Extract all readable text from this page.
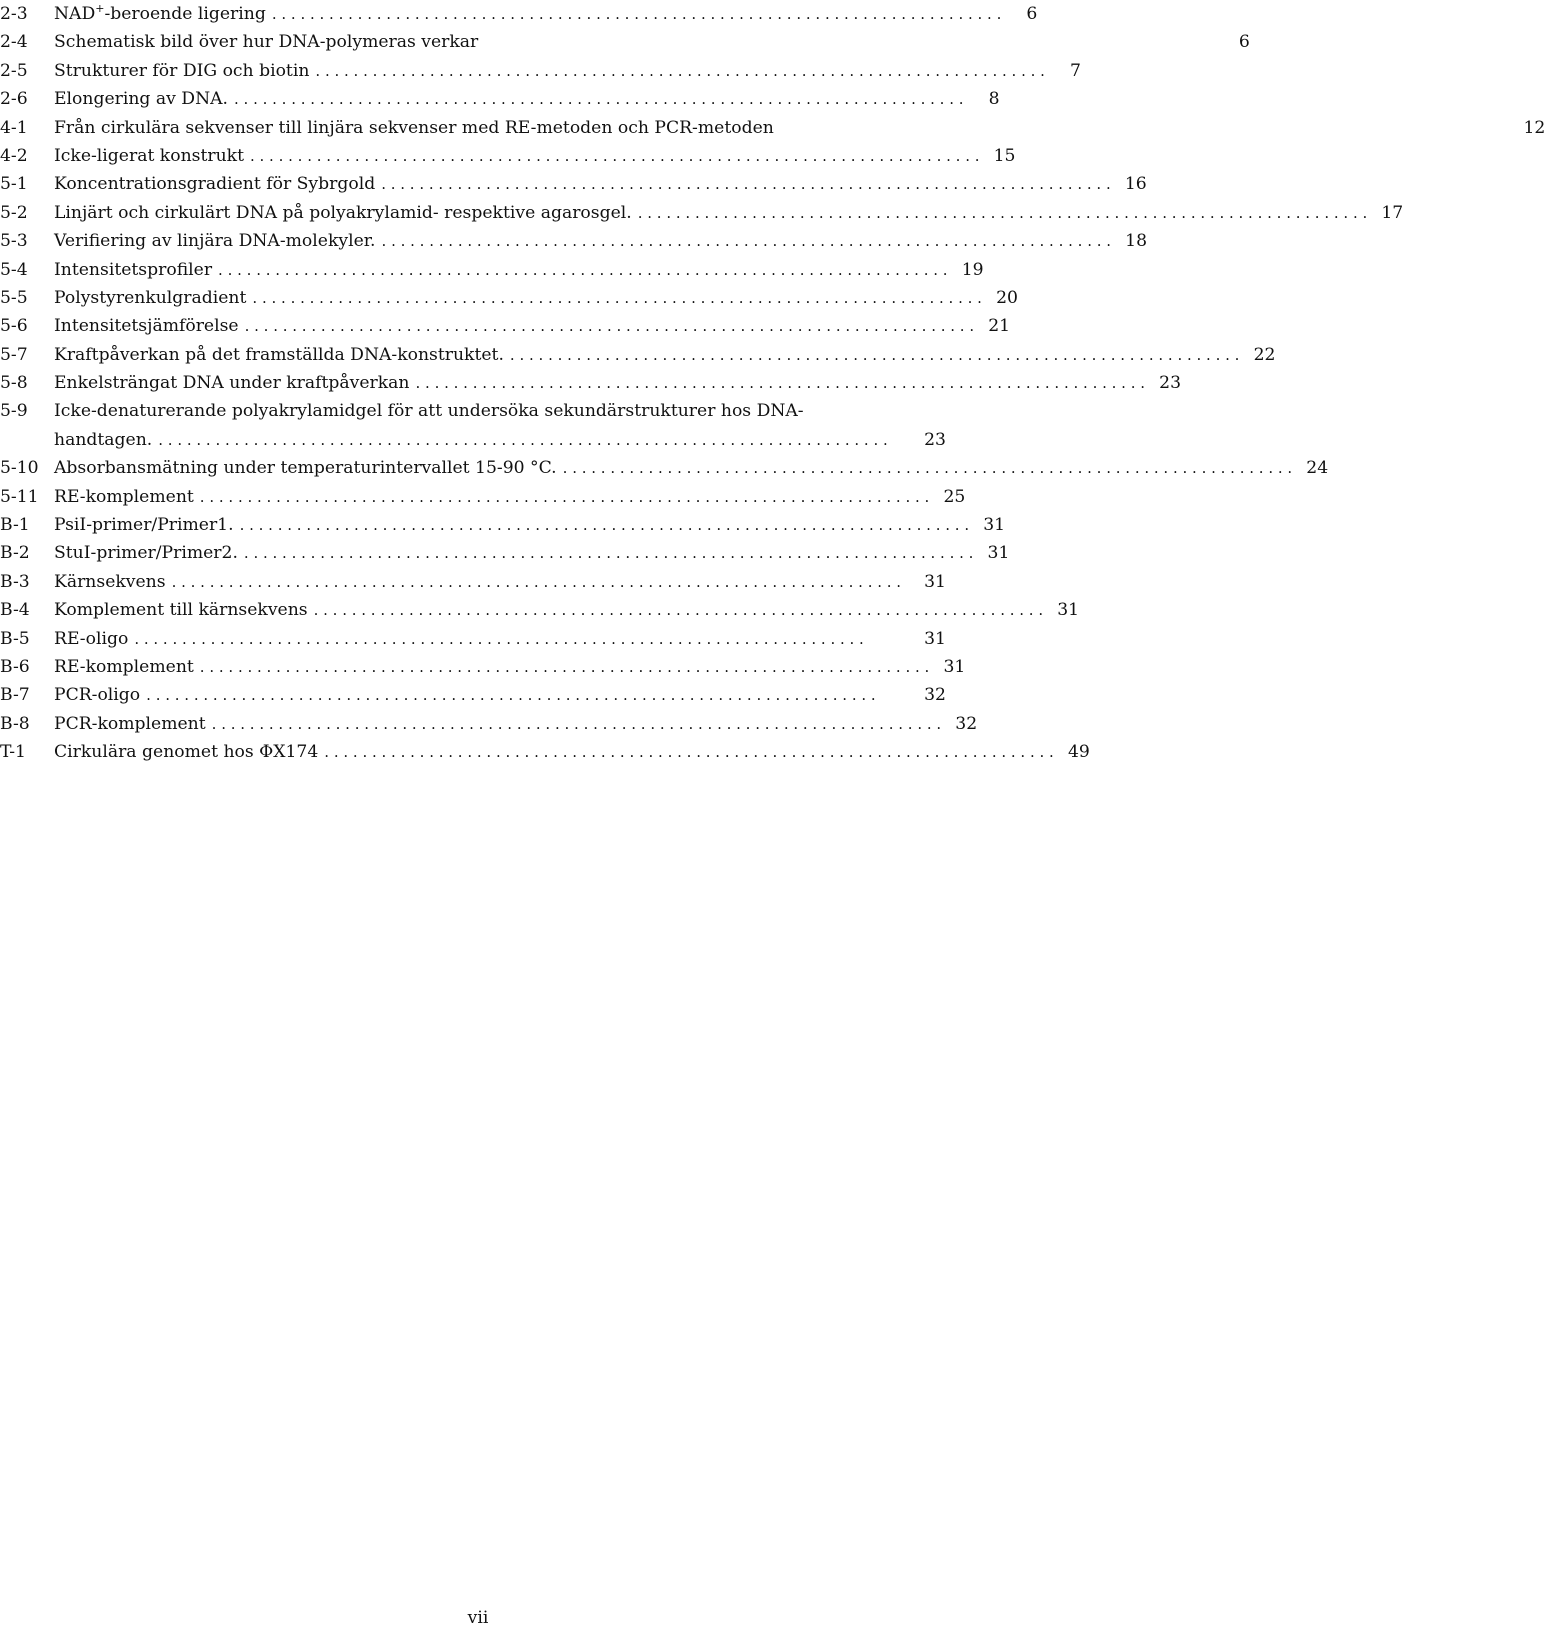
2-3	NAD+-beroende ligering . . .	6
2-4	Schematisk bild över hur DNA-polymeras verkar	6
2-5	Strukturer för DIG och biotin . . .	7
2-6	Elongering av DNA. . . .	8
4-1	Från cirkulära sekvenser till linjära sekvenser med RE-metoden och PCR-metoden	12
4-2	Icke-ligerat konstrukt . . .	15
5-1	Koncentrationsgradient för Sybrgold . . .	16
5-2	Linjärt och cirkulärt DNA på polyakrylamid- respektive agarosgel. . . .	17
5-3	Verifiering av linjära DNA-molekyler. . . .	18
5-4	Intensitetsprofiler . . .	19
5-5	Polystyrenkulgradient . . .	20
5-6	Intensitetsjämförelse . . .	21
5-7	Kraftpåverkan på det framställda DNA-konstruktet. . . .	22
5-8	Enkelsträngat DNA under kraftpåverkan . . .	23
5-9	Icke-denaturerande polyakrylamidgel för att undersöka sekundärstrukturer hos DNA-
handtagen. . . .	23
5-10 Absorbansmätning under temperaturintervallet 15-90 °C. . . .	24
5-11 RE-komplement . . .	25
B-1	PsiI-primer/Primer1. . . .	31
B-2	StuI-primer/Primer2. . . .	31
B-3	Kärnsekvens . . .	31
B-4	Komplement till kärnsekvens . . .	31
B-5	RE-oligo . . .	31
B-6	RE-komplement . . .	31
B-7	PCR-oligo . . .	32
B-8	PCR-komplement . . .	32
T-1	Cirkulära genomet hos ΦX174 . . .	49
vii
